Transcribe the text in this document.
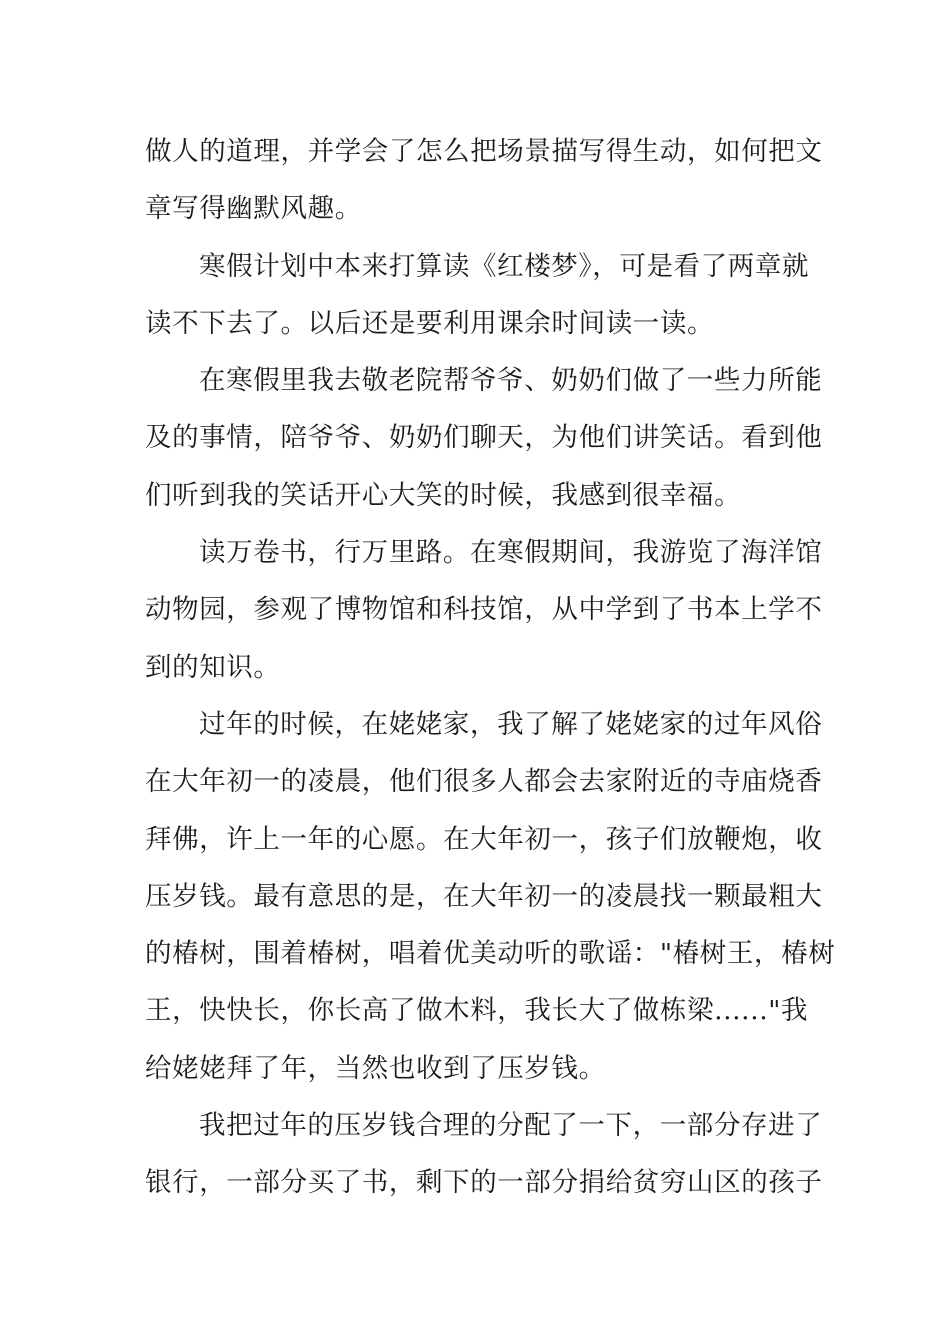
做人的道理，并学会了怎么把场景描写得生动，如何把文
章写得幽默风趣。
寒假计划中本来打算读《红楼梦》，可是看了两章就
读不下去了。以后还是要利用课余时间读一读。
在寒假里我去敬老院帮爷爷、奶奶们做了一些力所能
及的事情，陪爷爷、奶奶们聊天，为他们讲笑话。看到他
们听到我的笑话开心大笑的时候，我感到很幸福。
读万卷书，行万里路。在寒假期间，我游览了海洋馆
动物园，参观了博物馆和科技馆，从中学到了书本上学不
到的知识。
过年的时候，在姥姥家，我了解了姥姥家的过年风俗
在大年初一的凌晨，他们很多人都会去家附近的寺庙烧香
拜佛，许上一年的心愿。在大年初一，孩子们放鞭炮，收
压岁钱。最有意思的是，在大年初一的凌晨找一颗最粗大
的椿树，围着椿树，唱着优美动听的歌谣："椿树王，椿树
王，快快长，你长高了做木料，我长大了做栋梁......"我
给姥姥拜了年，当然也收到了压岁钱。
我把过年的压岁钱合理的分配了一下，一部分存进了
银行，一部分买了书，剩下的一部分捐给贫穷山区的孩子
